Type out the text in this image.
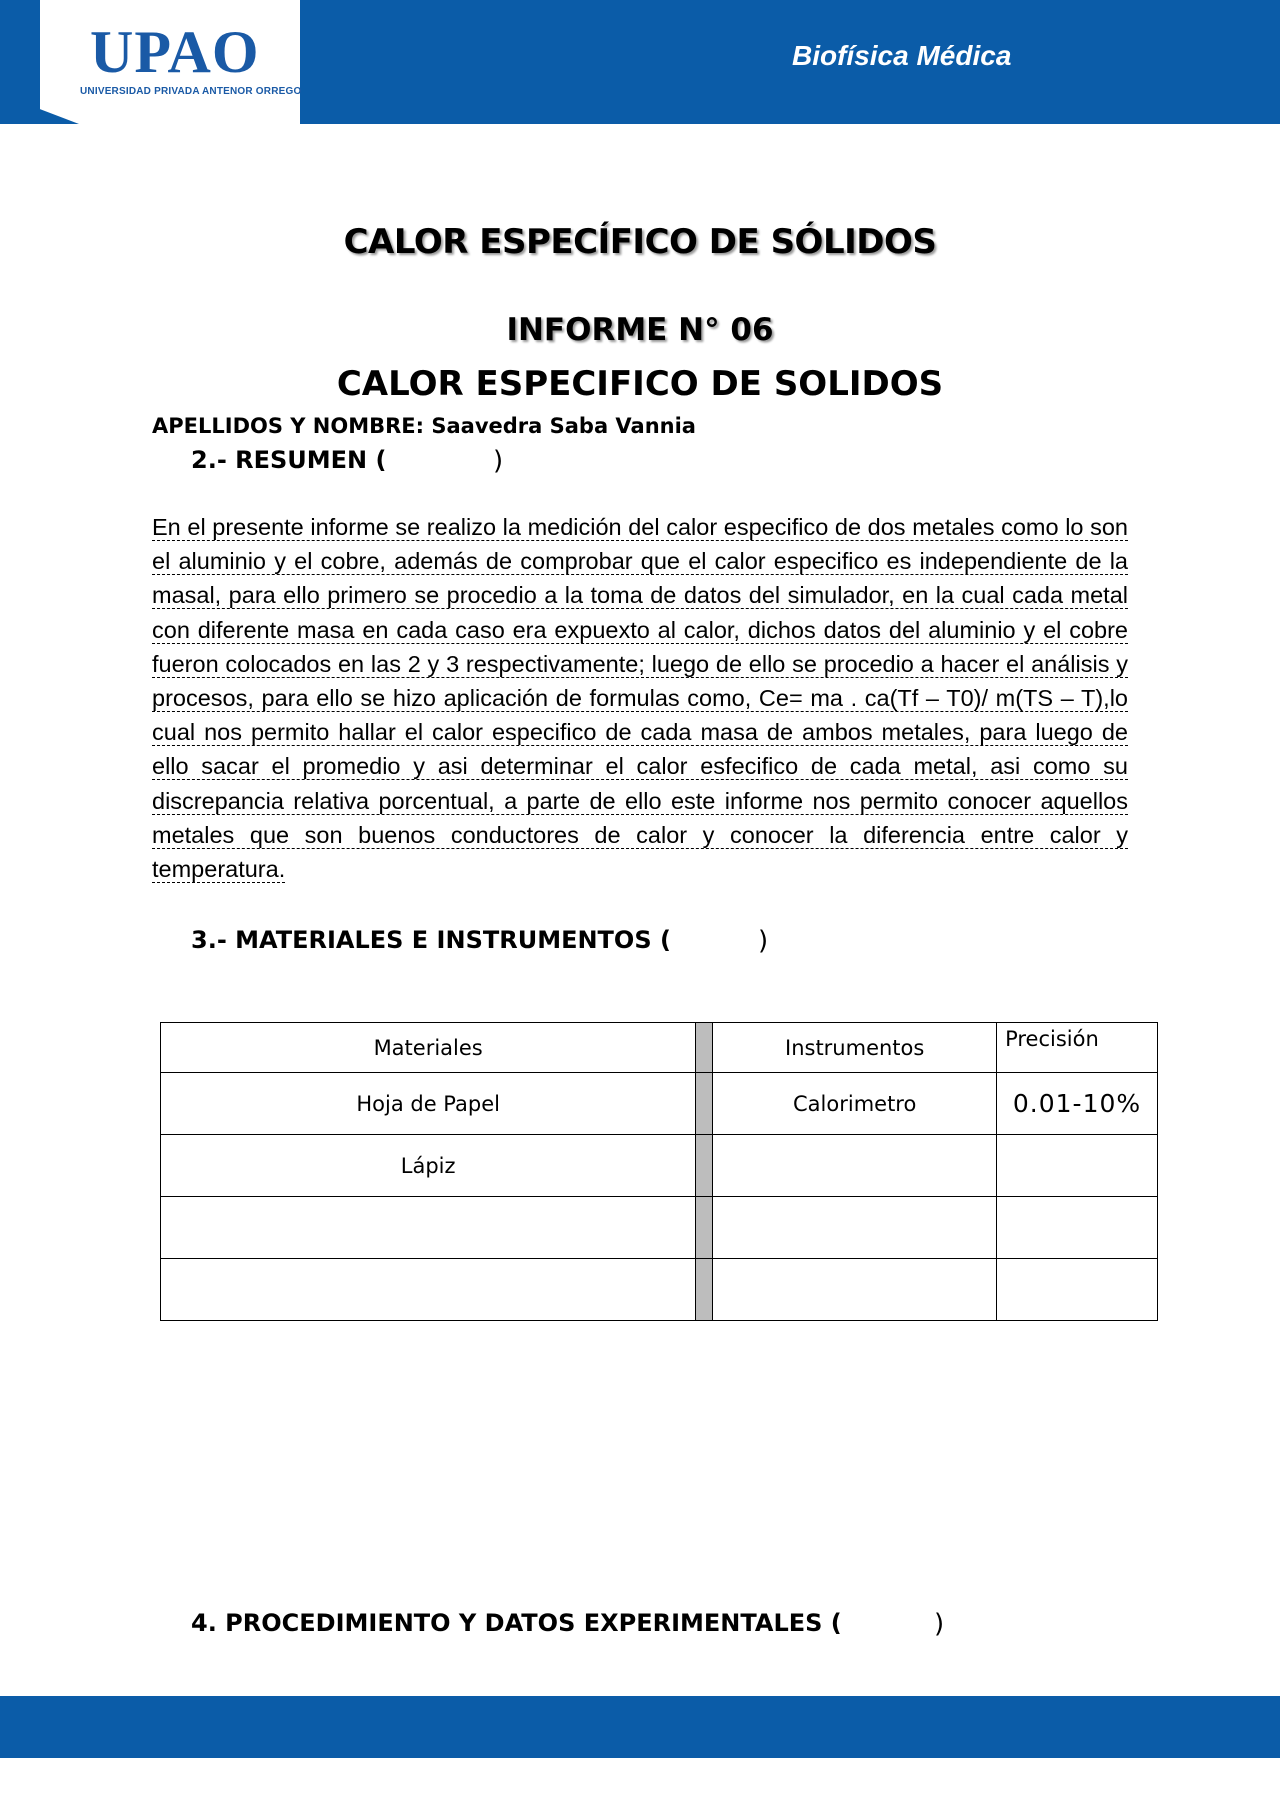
UPAO
UNIVERSIDAD PRIVADA ANTENOR ORREGO
Biofísica Médica
CALOR ESPECÍFICO DE SÓLIDOS
INFORME N° 06
CALOR ESPECIFICO DE SOLIDOS
APELLIDOS Y NOMBRE: Saavedra Saba Vannia
2.- RESUMEN (	)

En el presente informe se realizo la medición del calor especifico de dos metales como lo son el aluminio y el cobre, además de comprobar que el calor especifico es independiente de la masal, para ello primero se procedio a la toma de datos del simulador, en la cual cada metal con diferente masa en cada caso era expuexto al calor, dichos datos del aluminio y el cobre fueron colocados en las 2 y 3 respectivamente; luego de ello se procedio a hacer el análisis y procesos, para ello se hizo aplicación de formulas como, Ce= ma . ca(Tf – T0)/ m(TS – T),lo cual nos permito hallar el calor especifico de cada masa de ambos metales, para luego de ello sacar el promedio y asi determinar el calor esfecifico de cada metal, asi como su discrepancia relativa porcentual, a parte de ello este informe nos permito conocer aquellos metales que son buenos conductores de calor y conocer la diferencia entre calor y temperatura.

3.- MATERIALES E INSTRUMENTOS (	)
Materiales		Instrumentos	Precisión
Hoja de Papel		Calorimetro	0.01-10%
Lápiz			

4. PROCEDIMIENTO Y DATOS EXPERIMENTALES (	)
